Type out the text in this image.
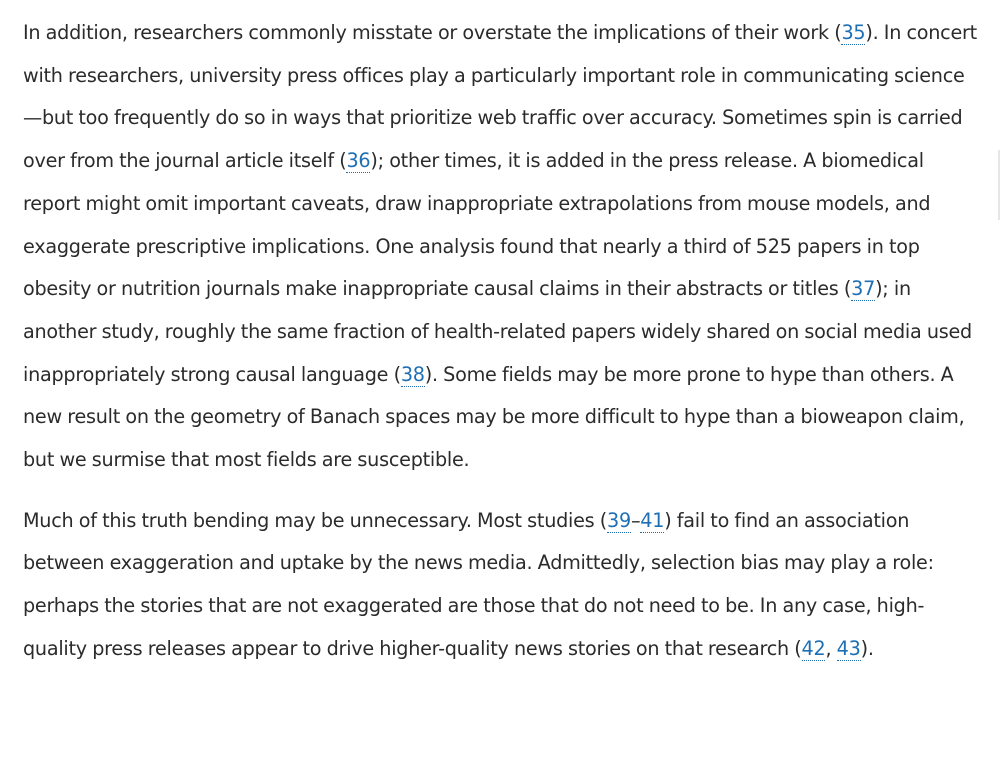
In addition, researchers commonly misstate or overstate the implications of their work (35). In concert with researchers, university press offices play a particularly important role in communicating science—but too frequently do so in ways that prioritize web traffic over accuracy. Sometimes spin is carried over from the journal article itself (36); other times, it is added in the press release. A biomedical report might omit important caveats, draw inappropriate extrapolations from mouse models, and exaggerate prescriptive implications. One analysis found that nearly a third of 525 papers in top obesity or nutrition journals make inappropriate causal claims in their abstracts or titles (37); in another study, roughly the same fraction of health-related papers widely shared on social media used inappropriately strong causal language (38). Some fields may be more prone to hype than others. A new result on the geometry of Banach spaces may be more difficult to hype than a bioweapon claim, but we surmise that most fields are susceptible.

Much of this truth bending may be unnecessary. Most studies (39–41) fail to find an association between exaggeration and uptake by the news media. Admittedly, selection bias may play a role: perhaps the stories that are not exaggerated are those that do not need to be. In any case, high-quality press releases appear to drive higher-quality news stories on that research (42, 43).
